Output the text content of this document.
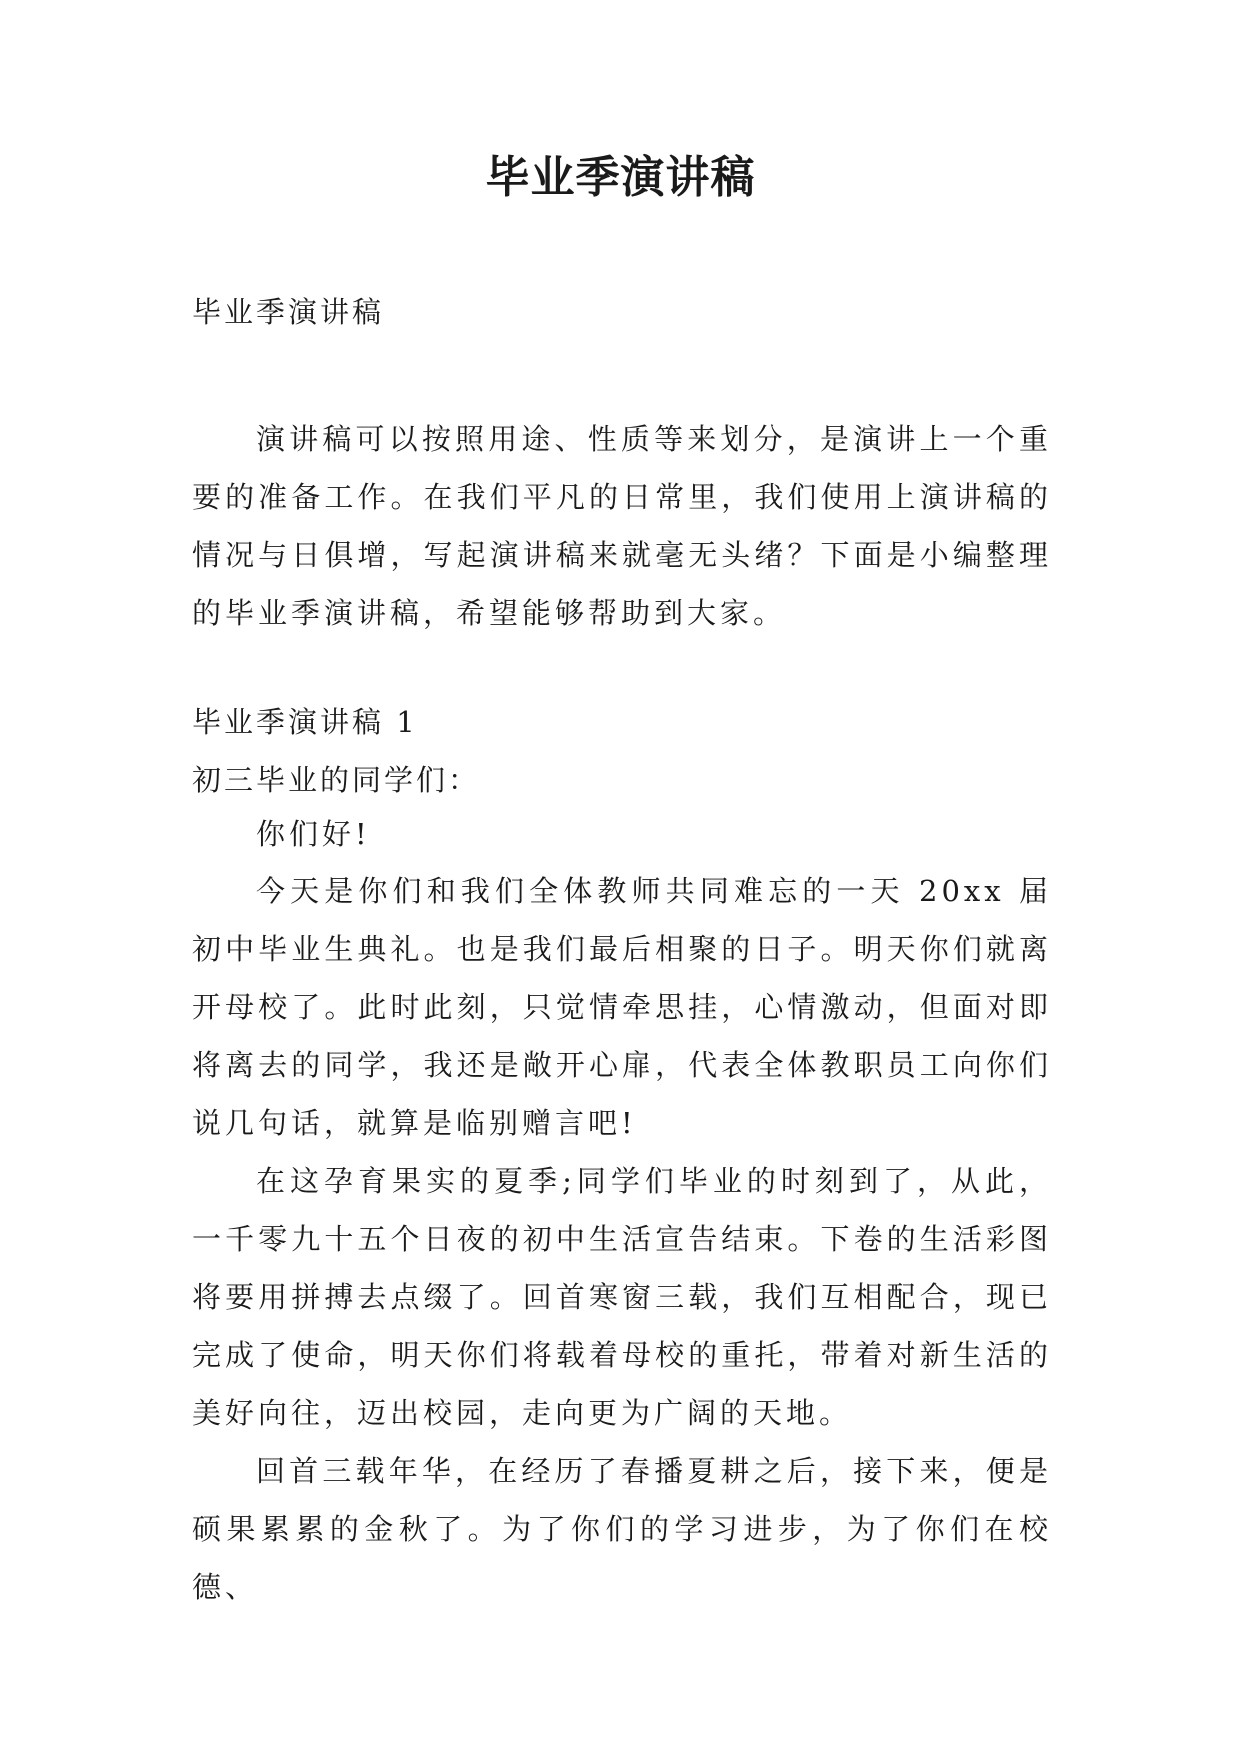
毕业季演讲稿

毕业季演讲稿

演讲稿可以按照用途、性质等来划分，是演讲上一个重要的准备工作。在我们平凡的日常里，我们使用上演讲稿的情况与日俱增，写起演讲稿来就毫无头绪？下面是小编整理的毕业季演讲稿，希望能够帮助到大家。

毕业季演讲稿 1

初三毕业的同学们：

你们好!

今天是你们和我们全体教师共同难忘的一天 20xx 届初中毕业生典礼。也是我们最后相聚的日子。明天你们就离开母校了。此时此刻，只觉情牵思挂，心情激动，但面对即将离去的同学，我还是敞开心扉，代表全体教职员工向你们说几句话，就算是临别赠言吧!

在这孕育果实的夏季;同学们毕业的时刻到了，从此，一千零九十五个日夜的初中生活宣告结束。下卷的生活彩图将要用拼搏去点缀了。回首寒窗三载，我们互相配合，现已完成了使命，明天你们将载着母校的重托，带着对新生活的美好向往，迈出校园，走向更为广阔的天地。

回首三载年华，在经历了春播夏耕之后，接下来，便是硕果累累的金秋了。为了你们的学习进步，为了你们在校德、
